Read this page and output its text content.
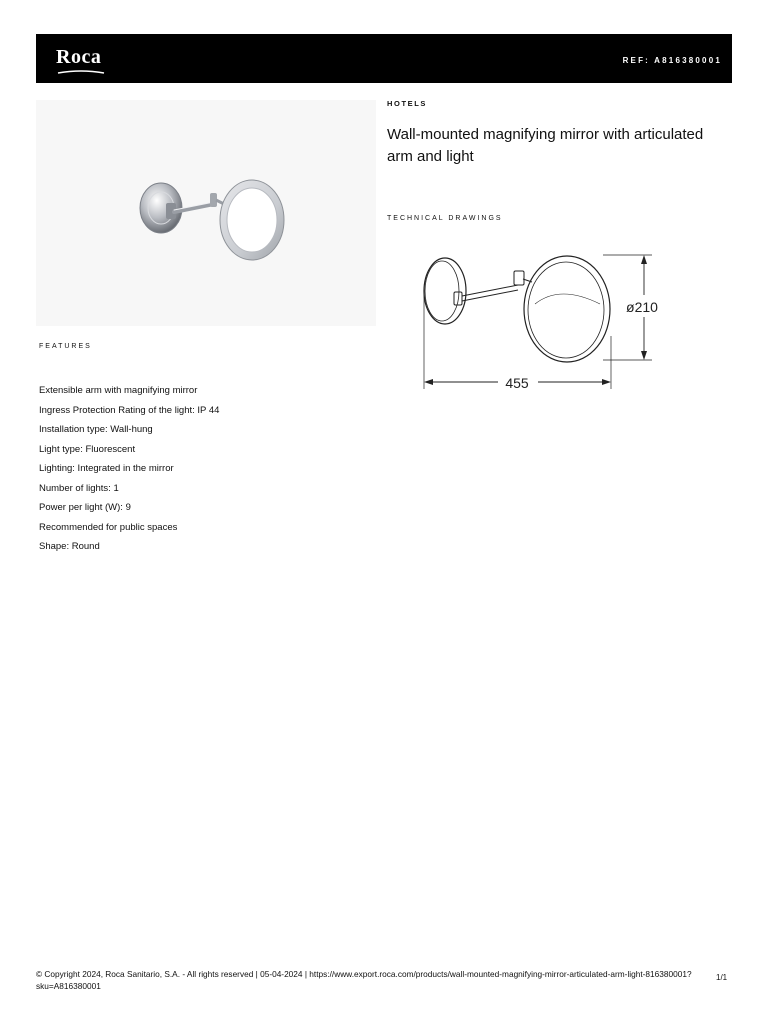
Roca	REF: A816380001
HOTELS
Wall-mounted magnifying mirror with articulated arm and light
TECHNICAL DRAWINGS
455
ø210
FEATURES
Extensible arm with magnifying mirror
Ingress Protection Rating of the light: IP 44
Installation type: Wall-hung
Light type: Fluorescent
Lighting: Integrated in the mirror
Number of lights: 1
Power per light (W): 9
Recommended for public spaces
Shape: Round
© Copyright 2024, Roca Sanitario, S.A. - All rights reserved | 05-04-2024 | https://www.export.roca.com/products/wall-mounted-magnifying-mirror-articulated-arm-light-816380001?sku=A816380001
1/1
